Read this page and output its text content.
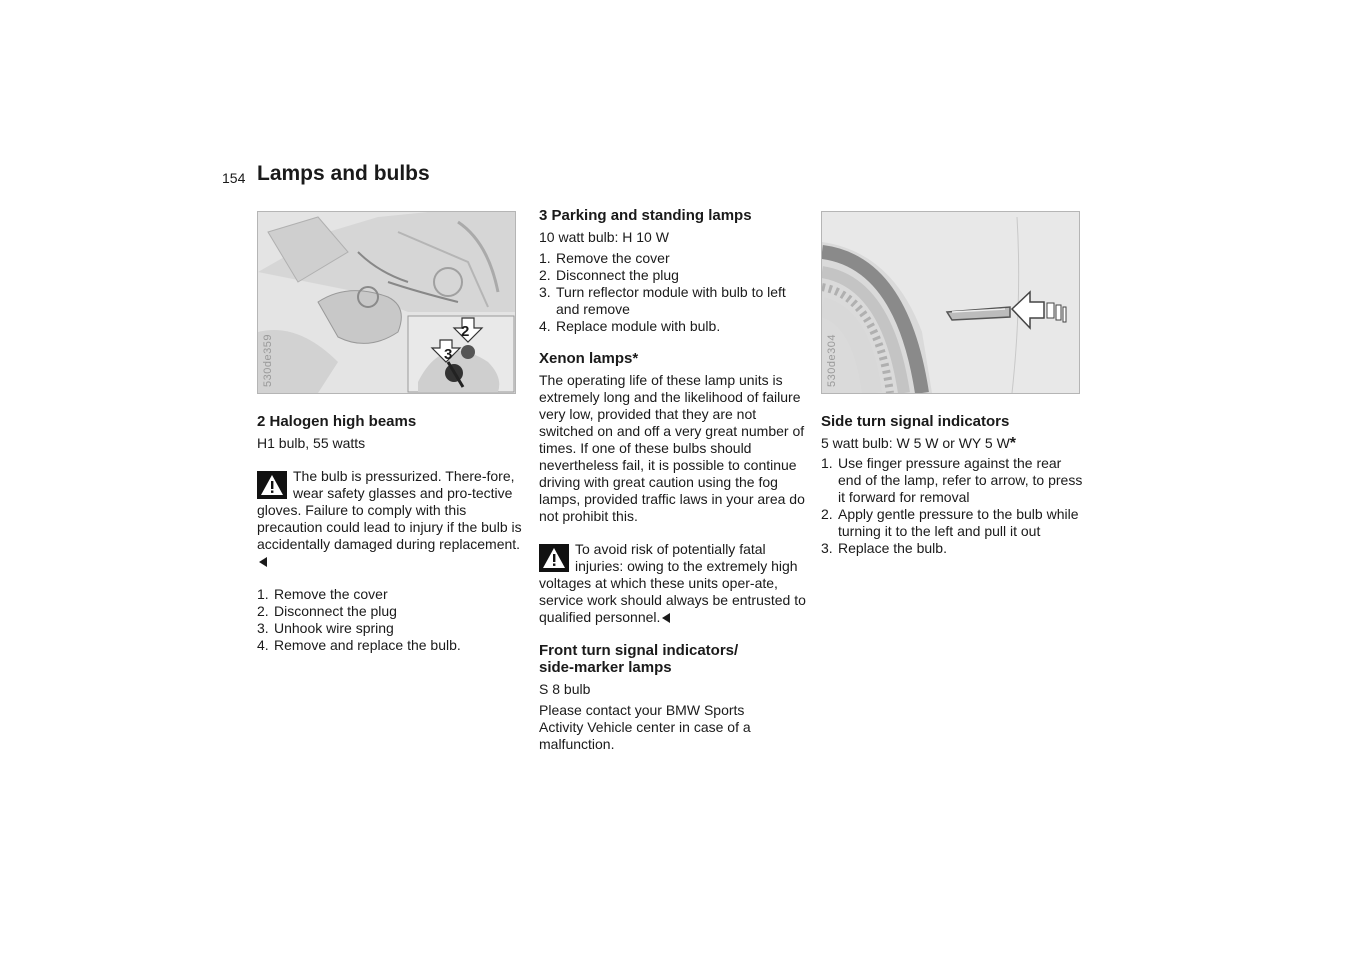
154 Lamps and bulbs
2
3
530de359	530de304
2 Halogen high beams

H1 bulb, 55 watts

The bulb is pressurized. There-fore, wear safety glasses and pro-tective gloves. Failure to comply with this precaution could lead to injury if the bulb is accidentally damaged during replacement.
1. Remove the cover
2. Disconnect the plug
3. Unhook wire spring
4. Remove and replace the bulb.
3 Parking and standing lamps

10 watt bulb: H 10 W

1. Remove the cover
2. Disconnect the plug
3. Turn reflector module with bulb to left and remove
4. Replace module with bulb.
Xenon lamps*

The operating life of these lamp units is extremely long and the likelihood of failure very low, provided that they are not switched on and off a very great number of times. If one of these bulbs should nevertheless fail, it is possible to continue driving with great caution using the fog lamps, provided traffic laws in your area do not prohibit this.

To avoid risk of potentially fatal injuries: owing to the extremely high voltages at which these units oper-ate, service work should always be entrusted to qualified personnel.
Front turn signal indicators/
side-marker lamps

S 8 bulb

Please contact your BMW Sports Activity Vehicle center in case of a malfunction.

Side turn signal indicators

5 watt bulb: W 5 W or WY 5 W*

1. Use finger pressure against the rear end of the lamp, refer to arrow, to press it forward for removal
2. Apply gentle pressure to the bulb while turning it to the left and pull it out
3. Replace the bulb.
